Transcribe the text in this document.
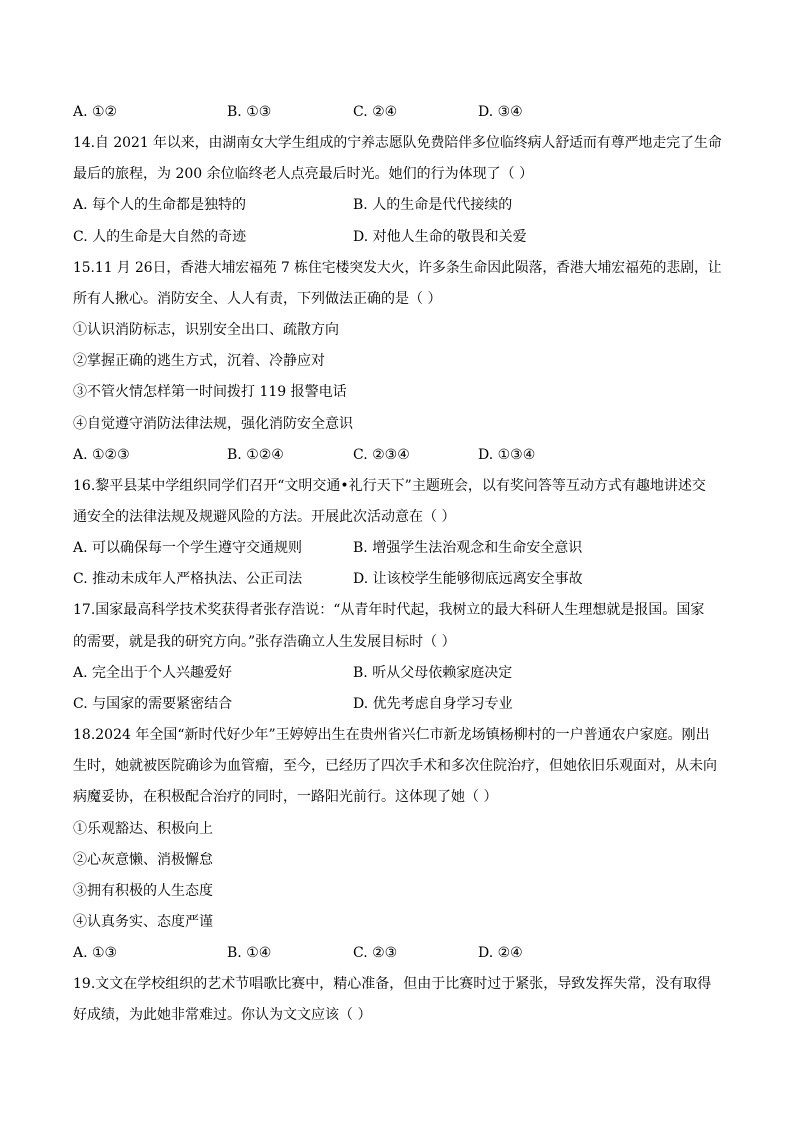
A. ①②	B. ①③	C. ②④	D. ③④
14.自 2021 年以来，由湖南女大学生组成的宁养志愿队免费陪伴多位临终病人舒适而有尊严地走完了生命
最后的旅程，为 200 余位临终老人点亮最后时光。她们的行为体现了（ ）
A. 每个人的生命都是独特的	B. 人的生命是代代接续的
C. 人的生命是大自然的奇迹	D. 对他人生命的敬畏和关爱
15.11 月 26日，香港大埔宏福苑 7 栋住宅楼突发大火，许多条生命因此陨落，香港大埔宏福苑的悲剧，让
所有人揪心。消防安全、人人有责，下列做法正确的是（ ）
①认识消防标志，识别安全出口、疏散方向
②掌握正确的逃生方式，沉着、冷静应对
③不管火情怎样第一时间拨打 119 报警电话
④自觉遵守消防法律法规，强化消防安全意识
A. ①②③	B. ①②④	C. ②③④	D. ①③④
16.黎平县某中学组织同学们召开“文明交通•礼行天下”主题班会，以有奖问答等互动方式有趣地讲述交
通安全的法律法规及规避风险的方法。开展此次活动意在（ ）
A. 可以确保每一个学生遵守交通规则	B. 增强学生法治观念和生命安全意识
C. 推动未成年人严格执法、公正司法	D. 让该校学生能够彻底远离安全事故
17.国家最高科学技术奖获得者张存浩说：“从青年时代起，我树立的最大科研人生理想就是报国。国家
的需要，就是我的研究方向。”张存浩确立人生发展目标时（ ）
A. 完全出于个人兴趣爱好	B. 听从父母依赖家庭决定
C. 与国家的需要紧密结合	D. 优先考虑自身学习专业
18.2024 年全国“新时代好少年”王婷婷出生在贵州省兴仁市新龙场镇杨柳村的一户普通农户家庭。刚出
生时，她就被医院确诊为血管瘤，至今，已经历了四次手术和多次住院治疗，但她依旧乐观面对，从未向
病魔妥协，在积极配合治疗的同时，一路阳光前行。这体现了她（ ）
①乐观豁达、积极向上
②心灰意懒、消极懈怠
③拥有积极的人生态度
④认真务实、态度严谨
A. ①③	B. ①④	C. ②③	D. ②④
19.文文在学校组织的艺术节唱歌比赛中，精心准备，但由于比赛时过于紧张，导致发挥失常，没有取得
好成绩，为此她非常难过。你认为文文应该（ ）
